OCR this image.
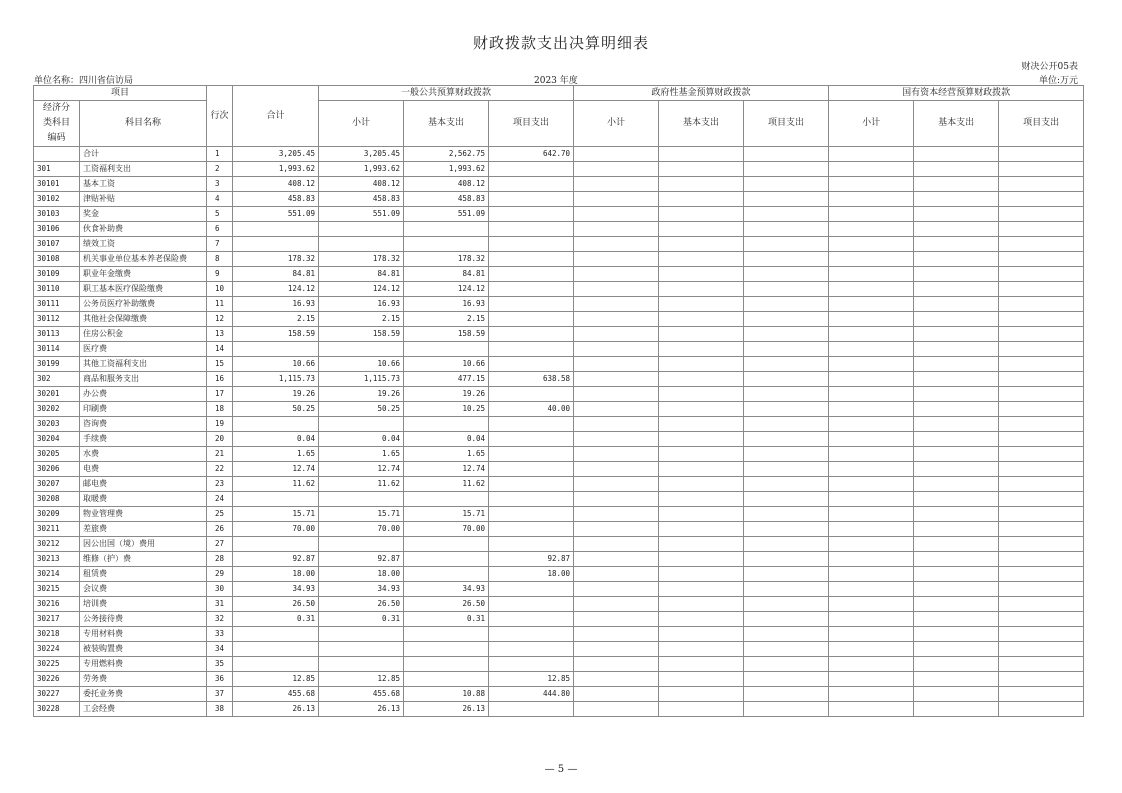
财政拨款支出决算明细表
财决公开05表
单位名称：四川省信访局	2023 年度	单位:万元
项目		行次	合计	一般公共预算财政拨款			政府性基金预算财政拨款			国有资本经营预算财政拨款		
经济分类科目编码	科目名称			小计	基本支出	项目支出	小计	基本支出	项目支出	小计	基本支出	项目支出

	合计	1	3,205.45	3,205.45	2,562.75	642.70						
301	工资福利支出	2	1,993.62	1,993.62	1,993.62							
30101	基本工资	3	408.12	408.12	408.12							
30102	津贴补贴	4	458.83	458.83	458.83							
30103	奖金	5	551.09	551.09	551.09							
30106	伙食补助费	6										
30107	绩效工资	7										
30108	机关事业单位基本养老保险费	8	178.32	178.32	178.32							
30109	职业年金缴费	9	84.81	84.81	84.81							
30110	职工基本医疗保险缴费	10	124.12	124.12	124.12							
30111	公务员医疗补助缴费	11	16.93	16.93	16.93							
30112	其他社会保障缴费	12	2.15	2.15	2.15							
30113	住房公积金	13	158.59	158.59	158.59							
30114	医疗费	14										
30199	其他工资福利支出	15	10.66	10.66	10.66							
302	商品和服务支出	16	1,115.73	1,115.73	477.15	638.58						
30201	办公费	17	19.26	19.26	19.26							
30202	印刷费	18	50.25	50.25	10.25	40.00						
30203	咨询费	19										
30204	手续费	20	0.04	0.04	0.04							
30205	水费	21	1.65	1.65	1.65							
30206	电费	22	12.74	12.74	12.74							
30207	邮电费	23	11.62	11.62	11.62							
30208	取暖费	24										
30209	物业管理费	25	15.71	15.71	15.71							
30211	差旅费	26	70.00	70.00	70.00							
30212	因公出国（境）费用	27										
30213	维修（护）费	28	92.87	92.87		92.87						
30214	租赁费	29	18.00	18.00		18.00						
30215	会议费	30	34.93	34.93	34.93							
30216	培训费	31	26.50	26.50	26.50							
30217	公务接待费	32	0.31	0.31	0.31							
30218	专用材料费	33										
30224	被装购置费	34										
30225	专用燃料费	35										
30226	劳务费	36	12.85	12.85		12.85						
30227	委托业务费	37	455.68	455.68	10.88	444.80						
30228	工会经费	38	26.13	26.13	26.13							
— 5 —
